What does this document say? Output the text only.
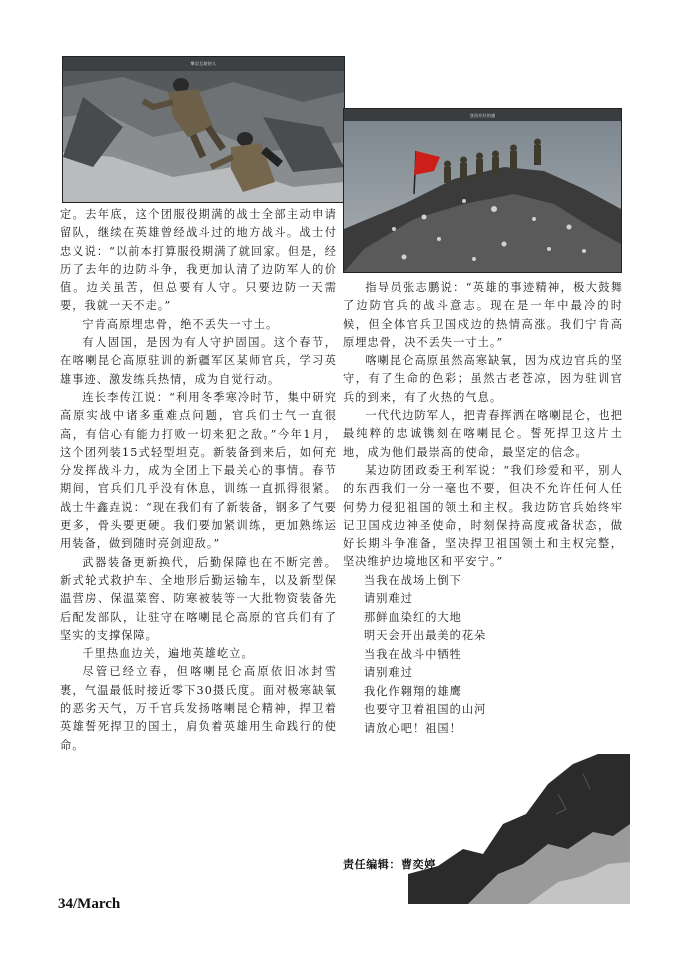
攀岩互助的人
登顶升红的旗

定。去年底，这个团服役期满的战士全部主动申请留队，继续在英雄曾经战斗过的地方战斗。战士付忠义说：“以前本打算服役期满了就回家。但是，经历了去年的边防斗争，我更加认清了边防军人的价值。边关虽苦，但总要有人守。只要边防一天需要，我就一天不走。”

宁肯高原埋忠骨，绝不丢失一寸土。

有人固国，是因为有人守护固国。这个春节，在喀喇昆仑高原驻训的新疆军区某师官兵，学习英雄事迹、激发练兵热情，成为自觉行动。

连长李传江说：“利用冬季寒冷时节，集中研究高原实战中诸多重难点问题，官兵们士气一直很高，有信心有能力打败一切来犯之敌。”今年1月，这个团列装15式轻型坦克。新装备到来后，如何充分发挥战斗力，成为全团上下最关心的事情。春节期间，官兵们几乎没有休息，训练一直抓得很紧。战士牛鑫垚说：“现在我们有了新装备，钢多了气要更多，骨头要更硬。我们要加紧训练，更加熟练运用装备，做到随时亮剑迎敌。”

武器装备更新换代，后勤保障也在不断完善。新式轮式救护车、全地形后勤运输车，以及新型保温营房、保温菜窖、防寒被装等一大批物资装备先后配发部队，让驻守在喀喇昆仑高原的官兵们有了坚实的支撑保障。

千里热血边关，遍地英雄屹立。

尽管已经立春，但喀喇昆仑高原依旧冰封雪裹，气温最低时接近零下30摄氏度。面对极寒缺氧的恶劣天气，万千官兵发扬喀喇昆仑精神，捍卫着英雄誓死捍卫的国土，肩负着英雄用生命践行的使命。

指导员张志鹏说：“英雄的事迹精神，极大鼓舞了边防官兵的战斗意志。现在是一年中最冷的时候，但全体官兵卫国戍边的热情高涨。我们宁肯高原埋忠骨，决不丢失一寸土。”

喀喇昆仑高原虽然高寒缺氧，因为戍边官兵的坚守，有了生命的色彩；虽然古老苍凉，因为驻训官兵的到来，有了火热的气息。

一代代边防军人，把青春挥洒在喀喇昆仑，也把最纯粹的忠诚镌刻在喀喇昆仑。誓死捍卫这片土地，成为他们最崇高的使命，最坚定的信念。

某边防团政委王利军说：“我们珍爱和平，别人的东西我们一分一毫也不要，但决不允许任何人任何势力侵犯祖国的领土和主权。我边防官兵始终牢记卫国戍边神圣使命，时刻保持高度戒备状态，做好长期斗争准备，坚决捍卫祖国领土和主权完整，坚决维护边境地区和平安宁。”

当我在战场上倒下
请别难过
那鲜血染红的大地
明天会开出最美的花朵
当我在战斗中牺牲
请别难过
我化作翱翔的雄鹰
也要守卫着祖国的山河
请放心吧！祖国！
责任编辑：曹奕婷
34/March
